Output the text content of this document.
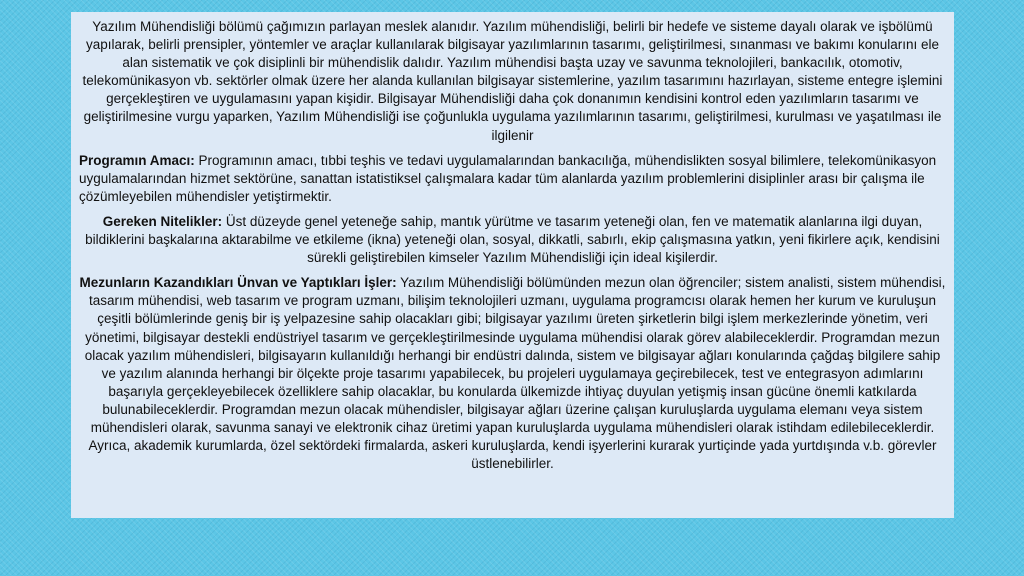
Yazılım Mühendisliği bölümü çağımızın parlayan meslek alanıdır. Yazılım mühendisliği, belirli bir hedefe ve sisteme dayalı olarak ve işbölümü yapılarak, belirli prensipler, yöntemler ve araçlar kullanılarak bilgisayar yazılımlarının tasarımı, geliştirilmesi, sınanması ve bakımı konularını ele alan sistematik ve çok disiplinli bir mühendislik dalıdır. Yazılım mühendisi başta uzay ve savunma teknolojileri, bankacılık, otomotiv, telekomünikasyon vb. sektörler olmak üzere her alanda kullanılan bilgisayar sistemlerine, yazılım tasarımını hazırlayan, sisteme entegre işlemini gerçekleştiren ve uygulamasını yapan kişidir. Bilgisayar Mühendisliği daha çok donanımın kendisini kontrol eden yazılımların tasarımı ve geliştirilmesine vurgu yaparken, Yazılım Mühendisliği ise çoğunlukla uygulama yazılımlarının tasarımı, geliştirilmesi, kurulması ve yaşatılması ile ilgilenir

Programın Amacı: Programının amacı, tıbbi teşhis ve tedavi uygulamalarından bankacılığa, mühendislikten sosyal bilimlere, telekomünikasyon uygulamalarından hizmet sektörüne, sanattan istatistiksel çalışmalara kadar tüm alanlarda yazılım problemlerini disiplinler arası bir çalışma ile çözümleyebilen mühendisler yetiştirmektir.

Gereken Nitelikler: Üst düzeyde genel yeteneğe sahip, mantık yürütme ve tasarım yeteneği olan, fen ve matematik alanlarına ilgi duyan, bildiklerini başkalarına aktarabilme ve etkileme (ikna) yeteneği olan, sosyal, dikkatli, sabırlı, ekip çalışmasına yatkın, yeni fikirlere açık, kendisini sürekli geliştirebilen kimseler Yazılım Mühendisliği için ideal kişilerdir.

Mezunların Kazandıkları Ünvan ve Yaptıkları İşler: Yazılım Mühendisliği bölümünden mezun olan öğrenciler; sistem analisti, sistem mühendisi, tasarım mühendisi, web tasarım ve program uzmanı, bilişim teknolojileri uzmanı, uygulama programcısı olarak hemen her kurum ve kuruluşun çeşitli bölümlerinde geniş bir iş yelpazesine sahip olacakları gibi; bilgisayar yazılımı üreten şirketlerin bilgi işlem merkezlerinde yönetim, veri yönetimi, bilgisayar destekli endüstriyel tasarım ve gerçekleştirilmesinde uygulama mühendisi olarak görev alabileceklerdir. Programdan mezun olacak yazılım mühendisleri, bilgisayarın kullanıldığı herhangi bir endüstri dalında, sistem ve bilgisayar ağları konularında çağdaş bilgilere sahip ve yazılım alanında herhangi bir ölçekte proje tasarımı yapabilecek, bu projeleri uygulamaya geçirebilecek, test ve entegrasyon adımlarını başarıyla gerçekleyebilecek özelliklere sahip olacaklar, bu konularda ülkemizde ihtiyaç duyulan yetişmiş insan gücüne önemli katkılarda bulunabileceklerdir. Programdan mezun olacak mühendisler, bilgisayar ağları üzerine çalışan kuruluşlarda uygulama elemanı veya sistem mühendisleri olarak, savunma sanayi ve elektronik cihaz üretimi yapan kuruluşlarda uygulama mühendisleri olarak istihdam edilebileceklerdir. Ayrıca, akademik kurumlarda, özel sektördeki firmalarda, askeri kuruluşlarda, kendi işyerlerini kurarak yurtiçinde yada yurtdışında v.b. görevler üstlenebilirler.
